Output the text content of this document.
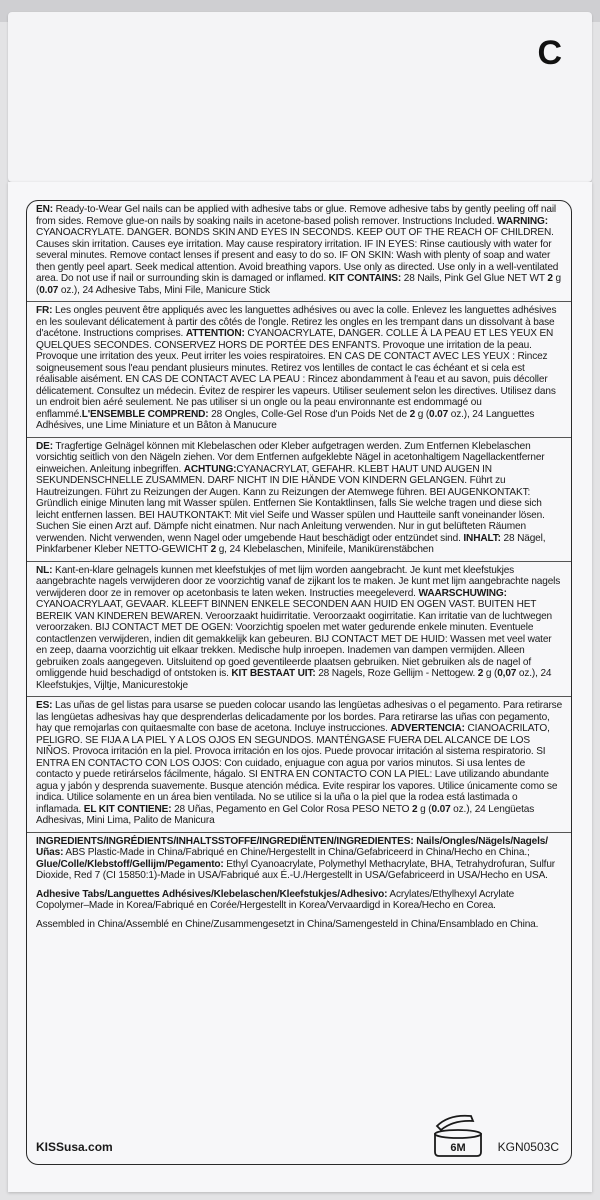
C

EN: Ready-to-Wear Gel nails can be applied with adhesive tabs or glue. Remove adhesive tabs by gently peeling off nail from sides. Remove glue-on nails by soaking nails in acetone-based polish remover. Instructions Included. WARNING: CYANOACRYLATE. DANGER. BONDS SKIN AND EYES IN SECONDS. KEEP OUT OF THE REACH OF CHILDREN. Causes skin irritation. Causes eye irritation. May cause respiratory irritation. IF IN EYES: Rinse cautiously with water for several minutes. Remove contact lenses if present and easy to do so. IF ON SKIN: Wash with plenty of soap and water then gently peel apart. Seek medical attention. Avoid breathing vapors. Use only as directed. Use only in a well-ventilated area. Do not use if nail or surrounding skin is damaged or inflamed. KIT CONTAINS: 28 Nails, Pink Gel Glue NET WT 2 g (0.07 oz.), 24 Adhesive Tabs, Mini File, Manicure Stick

FR: Les ongles peuvent être appliqués avec les languettes adhésives ou avec la colle. Enlevez les languettes adhésives en les soulevant délicatement à partir des côtés de l'ongle. Retirez les ongles en les trempant dans un dissolvant à base d'acétone. Instructions comprises. ATTENTION: CYANOACRYLATE, DANGER. COLLE À LA PEAU ET LES YEUX EN QUELQUES SECONDES. CONSERVEZ HORS DE PORTÉE DES ENFANTS. Provoque une irritation de la peau. Provoque une irritation des yeux. Peut irriter les voies respiratoires. EN CAS DE CONTACT AVEC LES YEUX : Rincez soigneusement sous l'eau pendant plusieurs minutes. Retirez vos lentilles de contact le cas échéant et si cela est réalisable aisément. EN CAS DE CONTACT AVEC LA PEAU : Rincez abondamment à l'eau et au savon, puis décoller délicatement. Consultez un médecin. Évitez de respirer les vapeurs. Utiliser seulement selon les directives. Utilisez dans un endroit bien aéré seulement. Ne pas utiliser si un ongle ou la peau environnante est endommagé ou enflammé.L'ENSEMBLE COMPREND: 28 Ongles, Colle-Gel Rose d'un Poids Net de 2 g (0.07 oz.), 24 Languettes Adhésives, une Lime Miniature et un Bâton à Manucure

DE: Tragfertige Gelnägel können mit Klebelaschen oder Kleber aufgetragen werden. Zum Entfernen Klebelaschen vorsichtig seitlich von den Nägeln ziehen. Vor dem Entfernen aufgeklebte Nägel in acetonhaltigem Nagellackentferner einweichen. Anleitung inbegriffen. ACHTUNG:CYANACRYLAT, GEFAHR. KLEBT HAUT UND AUGEN IN SEKUNDENSCHNELLE ZUSAMMEN. DARF NICHT IN DIE HÄNDE VON KINDERN GELANGEN. Führt zu Hautreizungen. Führt zu Reizungen der Augen. Kann zu Reizungen der Atemwege führen. BEI AUGENKONTAKT: Gründlich einige Minuten lang mit Wasser spülen. Entfernen Sie Kontaktlinsen, falls Sie welche tragen und diese sich leicht entfernen lassen. BEI HAUTKONTAKT: Mit viel Seife und Wasser spülen und Hautteile sanft voneinander lösen. Suchen Sie einen Arzt auf. Dämpfe nicht einatmen. Nur nach Anleitung verwenden. Nur in gut belüfteten Räumen verwenden. Nicht verwenden, wenn Nagel oder umgebende Haut beschädigt oder entzündet sind. INHALT: 28 Nägel, Pinkfarbener Kleber NETTO-GEWICHT 2 g, 24 Klebelaschen, Minifeile, Manikürenstäbchen

NL: Kant-en-klare gelnagels kunnen met kleefstukjes of met lijm worden aangebracht. Je kunt met kleefstukjes aangebrachte nagels verwijderen door ze voorzichtig vanaf de zijkant los te maken. Je kunt met lijm aangebrachte nagels verwijderen door ze in remover op acetonbasis te laten weken. Instructies meegeleverd. WAARSCHUWING: CYANOACRYLAAT, GEVAAR. KLEEFT BINNEN ENKELE SECONDEN AAN HUID EN OGEN VAST. BUITEN HET BEREIK VAN KINDEREN BEWAREN. Veroorzaakt huidirritatie. Veroorzaakt oogirritatie. Kan irritatie van de luchtwegen veroorzaken. BIJ CONTACT MET DE OGEN: Voorzichtig spoelen met water gedurende enkele minuten. Eventuele contactlenzen verwijderen, indien dit gemakkelijk kan gebeuren. BIJ CONTACT MET DE HUID: Wassen met veel water en zeep, daarna voorzichtig uit elkaar trekken. Medische hulp inroepen. Inademen van dampen vermijden. Alleen gebruiken zoals aangegeven. Uitsluitend op goed geventileerde plaatsen gebruiken. Niet gebruiken als de nagel of omliggende huid beschadigd of ontstoken is. KIT BESTAAT UIT: 28 Nagels, Roze Gellijm - Nettogew. 2 g (0,07 oz.), 24 Kleefstukjes, Vijltje, Manicurestokje

ES: Las uñas de gel listas para usarse se pueden colocar usando las lengüetas adhesivas o el pegamento. Para retirarse las lengüetas adhesivas hay que desprenderlas delicadamente por los bordes. Para retirarse las uñas con pegamento, hay que remojarlas con quitaesmalte con base de acetona. Incluye instrucciones. ADVERTENCIA: CIANOACRILATO, PELIGRO. SE FIJA A LA PIEL Y A LOS OJOS EN SEGUNDOS. MANTÉNGASE FUERA DEL ALCANCE DE LOS NIÑOS. Provoca irritación en la piel. Provoca irritación en los ojos. Puede provocar irritación al sistema respiratorio. SI ENTRA EN CONTACTO CON LOS OJOS: Con cuidado, enjuague con agua por varios minutos. Si usa lentes de contacto y puede retirárselos fácilmente, hágalo. SI ENTRA EN CONTACTO CON LA PIEL: Lave utilizando abundante agua y jabón y desprenda suavemente. Busque atención médica. Evite respirar los vapores. Utilice únicamente como se indica. Utilice solamente en un área bien ventilada. No se utilice si la uña o la piel que la rodea está lastimada o inflamada. EL KIT CONTIENE: 28 Uñas, Pegamento en Gel Color Rosa PESO NETO 2 g (0.07 oz.), 24 Lengüetas Adhesivas, Mini Lima, Palito de Manicura

INGREDIENTS/INGRÉDIENTS/INHALTSSTOFFE/INGREDIËNTEN/INGREDIENTES: Nails/Ongles/Nägels/Nagels/ Uñas: ABS Plastic-Made in China/Fabriqué en Chine/Hergestellt in China/Gefabriceerd in China/Hecho en China.; Glue/Colle/Klebstoff/Gellijm/Pegamento: Ethyl Cyanoacrylate, Polymethyl Methacrylate, BHA, Tetrahydrofuran, Sulfur Dioxide, Red 7 (CI 15850:1)-Made in USA/Fabriqué aux É.-U./Hergestellt in USA/Gefabriceerd in USA/Hecho en USA.

Adhesive Tabs/Languettes Adhésives/Klebelaschen/Kleefstukjes/Adhesivo: Acrylates/Ethylhexyl Acrylate Copolymer–Made in Korea/Fabriqué en Corée/Hergestellt in Korea/Vervaardigd in Korea/Hecho en Corea.

Assembled in China/Assemblé en Chine/Zusammengesetzt in China/Samengesteld in China/Ensamblado en China.

KISSusa.com	6M	KGN0503C
